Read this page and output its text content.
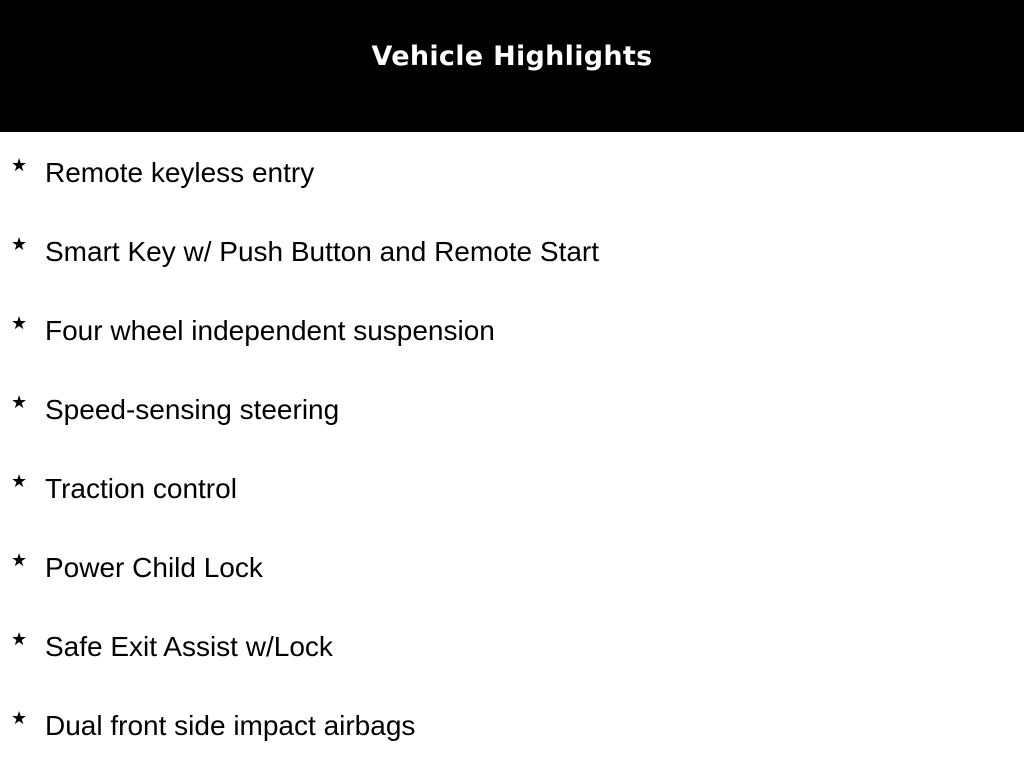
Vehicle Highlights
★ Remote keyless entry
★ Smart Key w/ Push Button and Remote Start
★ Four wheel independent suspension
★ Speed-sensing steering
★ Traction control
★ Power Child Lock
★ Safe Exit Assist w/Lock
★ Dual front side impact airbags
